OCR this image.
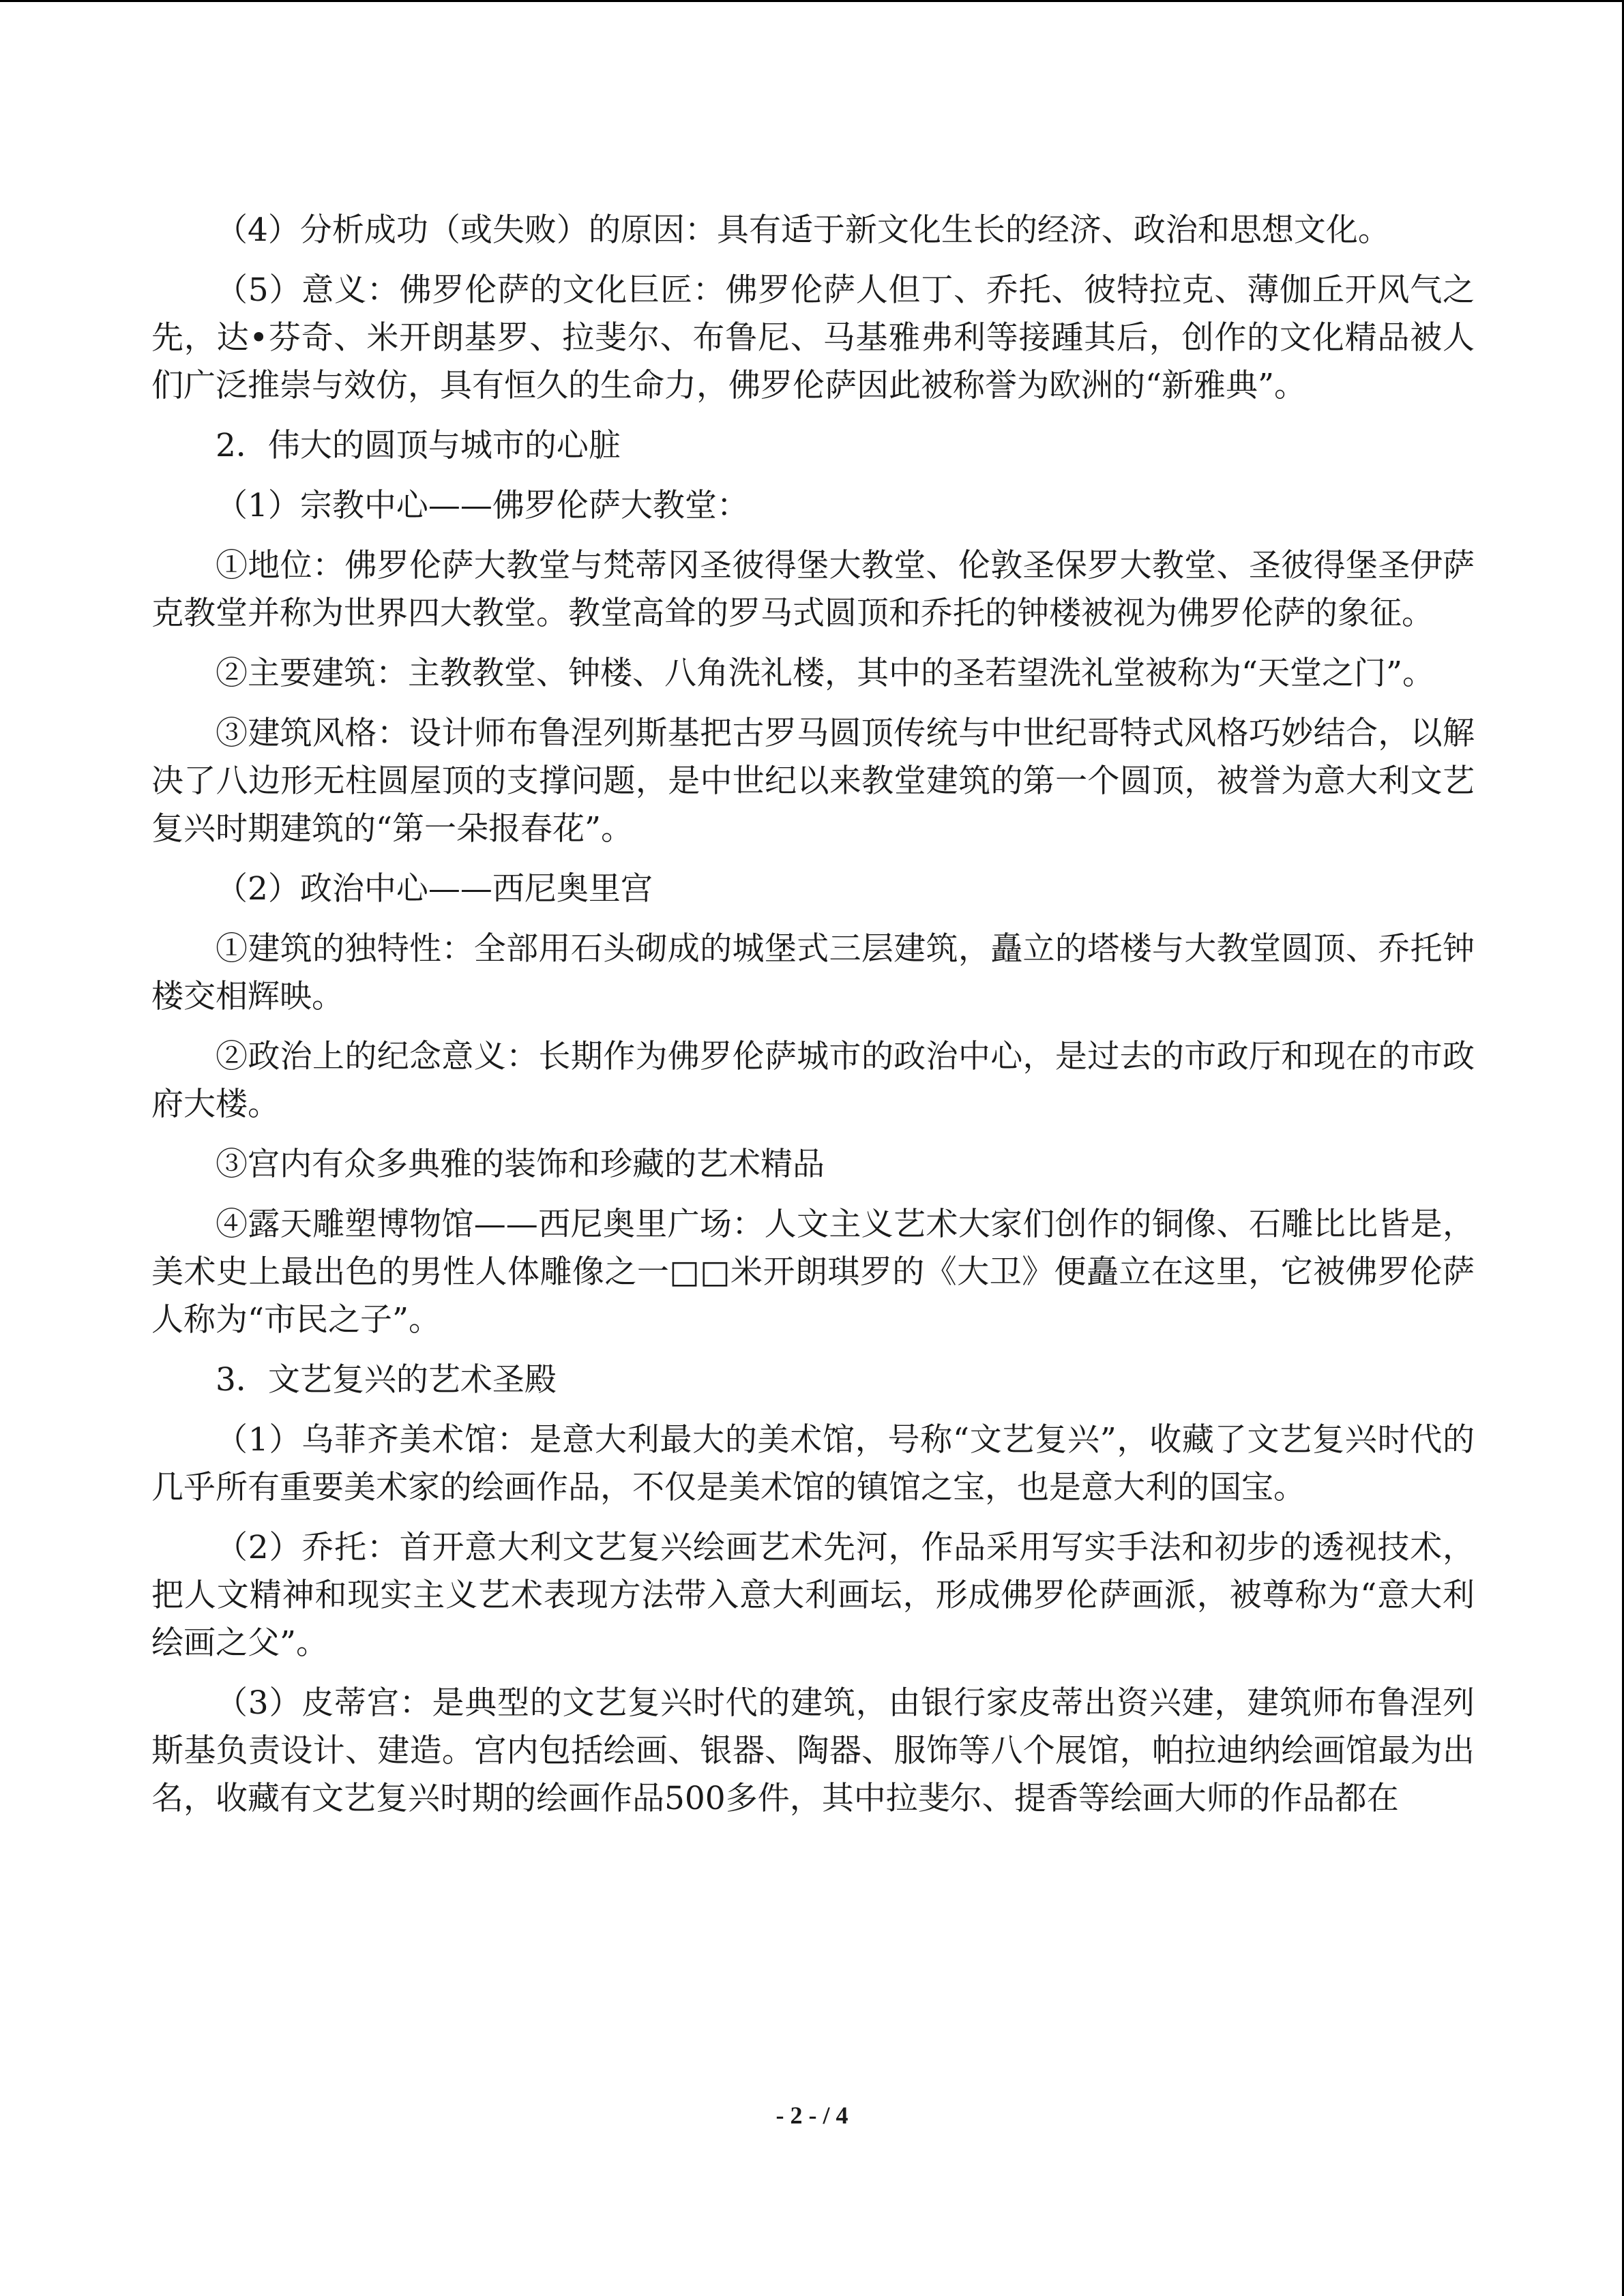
（4）分析成功（或失败）的原因：具有适于新文化生长的经济、政治和思想文化。

（5）意义：佛罗伦萨的文化巨匠：佛罗伦萨人但丁、乔托、彼特拉克、薄伽丘开风气之先，达•芬奇、米开朗基罗、拉斐尔、布鲁尼、马基雅弗利等接踵其后，创作的文化精品被人们广泛推崇与效仿，具有恒久的生命力，佛罗伦萨因此被称誉为欧洲的“新雅典”。

2．伟大的圆顶与城市的心脏

（1）宗教中心——佛罗伦萨大教堂：

①地位：佛罗伦萨大教堂与梵蒂冈圣彼得堡大教堂、伦敦圣保罗大教堂、圣彼得堡圣伊萨克教堂并称为世界四大教堂。教堂高耸的罗马式圆顶和乔托的钟楼被视为佛罗伦萨的象征。

②主要建筑：主教教堂、钟楼、八角洗礼楼，其中的圣若望洗礼堂被称为“天堂之门”。

③建筑风格：设计师布鲁涅列斯基把古罗马圆顶传统与中世纪哥特式风格巧妙结合，以解决了八边形无柱圆屋顶的支撑问题，是中世纪以来教堂建筑的第一个圆顶，被誉为意大利文艺复兴时期建筑的“第一朵报春花”。

（2）政治中心——西尼奥里宫

①建筑的独特性：全部用石头砌成的城堡式三层建筑，矗立的塔楼与大教堂圆顶、乔托钟楼交相辉映。

②政治上的纪念意义：长期作为佛罗伦萨城市的政治中心，是过去的市政厅和现在的市政府大楼。

③宫内有众多典雅的装饰和珍藏的艺术精品

④露天雕塑博物馆——西尼奥里广场：人文主义艺术大家们创作的铜像、石雕比比皆是，美术史上最出色的男性人体雕像之一□□米开朗琪罗的《大卫》便矗立在这里，它被佛罗伦萨人称为“市民之子”。

3．文艺复兴的艺术圣殿

（1）乌菲齐美术馆：是意大利最大的美术馆，号称“文艺复兴”，收藏了文艺复兴时代的几乎所有重要美术家的绘画作品，不仅是美术馆的镇馆之宝，也是意大利的国宝。

（2）乔托：首开意大利文艺复兴绘画艺术先河，作品采用写实手法和初步的透视技术，把人文精神和现实主义艺术表现方法带入意大利画坛，形成佛罗伦萨画派，被尊称为“意大利绘画之父”。

（3）皮蒂宫：是典型的文艺复兴时代的建筑，由银行家皮蒂出资兴建，建筑师布鲁涅列斯基负责设计、建造。宫内包括绘画、银器、陶器、服饰等八个展馆，帕拉迪纳绘画馆最为出名，收藏有文艺复兴时期的绘画作品500多件，其中拉斐尔、提香等绘画大师的作品都在

- 2 - / 4
